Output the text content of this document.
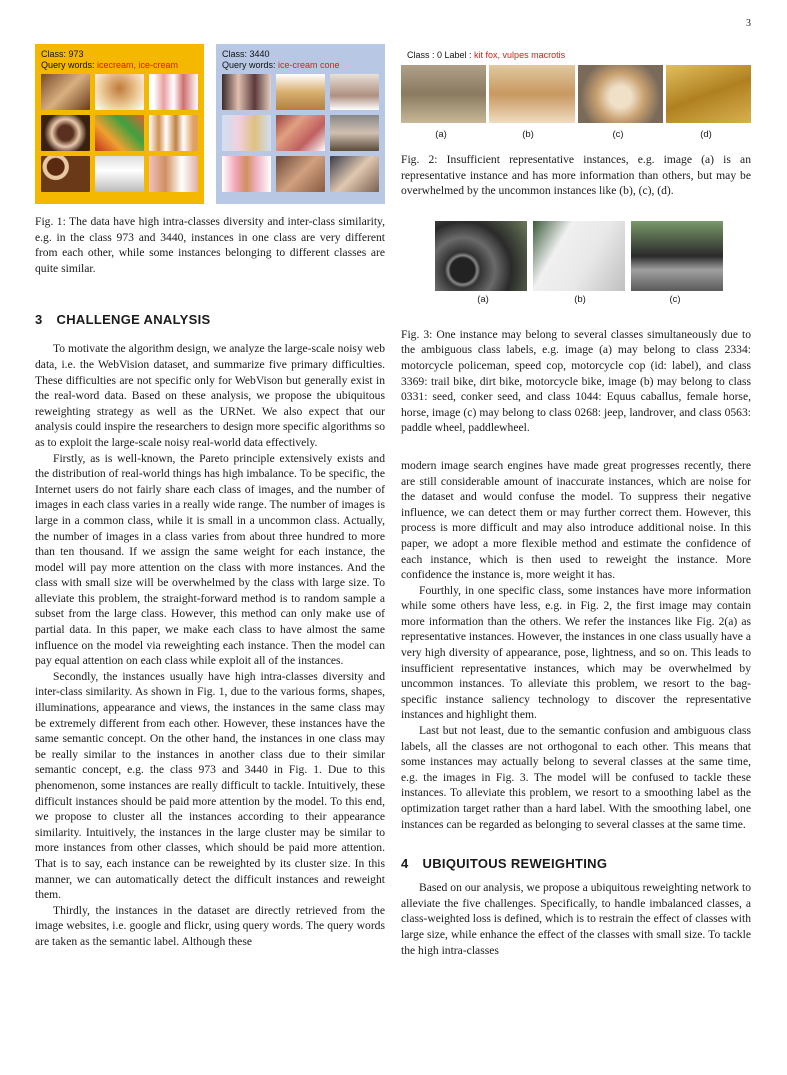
3
Class: 973
Query words: icecream, ice-cream
Class: 3440
Query words: ice-cream cone

Fig. 1: The data have high intra-classes diversity and inter-class similarity, e.g. in the class 973 and 3440, instances in one class are very different from each other, while some instances belonging to different classes are quite similar.

3 CHALLENGE ANALYSIS

To motivate the algorithm design, we analyze the large-scale noisy web data, i.e. the WebVision dataset, and summarize five primary difficulties. These difficulties are not specific only for WebVison but generally exist in the real-word data. Based on these analysis, we propose the ubiquitous reweighting strategy as well as the URNet. We also expect that our analysis could inspire the researchers to design more specific algorithms so as to exploit the large-scale noisy real-world data effectively.

Firstly, as is well-known, the Pareto principle extensively exists and the distribution of real-world things has high imbalance. To be specific, the Internet users do not fairly share each class of images, and the number of images in each class varies in a really wide range. The number of images is large in a common class, while it is small in a uncommon class. Actually, the number of images in a class varies from about three hundred to more than ten thousand. If we assign the same weight for each instance, the model will pay more attention on the class with more instances. And the class with small size will be overwhelmed by the class with large size. To alleviate this problem, the straight-forward method is to random sample a subset from the large class. However, this method can only make use of partial data. In this paper, we make each class to have almost the same influence on the model via reweighting each instance. Then the model can pay equal attention on each class while exploit all of the instances.

Secondly, the instances usually have high intra-classes diversity and inter-class similarity. As shown in Fig. 1, due to the various forms, shapes, illuminations, appearance and views, the instances in the same class may be extremely different from each other. However, these instances have the same semantic concept. On the other hand, the instances in one class may be really similar to the instances in another class due to their similar semantic concept, e.g. the class 973 and 3440 in Fig. 1. Due to this phenomenon, some instances are really difficult to tackle. Intuitively, these difficult instances should be paid more attention by the model. To this end, we propose to cluster all the instances according to their appearance similarity. Intuitively, the instances in the large cluster may be similar to more instances from other classes, which should be paid more attention. That is to say, each instance can be reweighted by its cluster size. In this manner, we can automatically detect the difficult instances and reweight them.

Thirdly, the instances in the dataset are directly retrieved from the image websites, i.e. google and flickr, using query words. The query words are taken as the semantic label. Although these

Class : 0 Label : kit fox, vulpes macrotis
(a)	(b)	(c)	(d)

Fig. 2: Insufficient representative instances, e.g. image (a) is an representative instance and has more information than others, but may be overwhelmed by the uncommon instances like (b), (c), (d).

(a)	(b)	(c)

Fig. 3: One instance may belong to several classes simultaneously due to the ambiguous class labels, e.g. image (a) may belong to class 2334: motorcycle policeman, speed cop, motorcycle cop (id: label), and class 3369: trail bike, dirt bike, motorcycle bike, image (b) may belong to class 0331: seed, conker seed, and class 1044: Equus caballus, female horse, horse, image (c) may belong to class 0268: jeep, landrover, and class 0563: paddle wheel, paddlewheel.

modern image search engines have made great progresses recently, there are still considerable amount of inaccurate instances, which are noise for the dataset and would confuse the model. To suppress their negative influence, we can detect them or may further correct them. However, this process is more difficult and may also introduce additional noise. In this paper, we adopt a more flexible method and estimate the confidence of each instance, which is then used to reweight the instance. More confidence the instance is, more weight it has.

Fourthly, in one specific class, some instances have more information while some others have less, e.g. in Fig. 2, the first image may contain more information than the others. We refer the instances like Fig. 2(a) as representative instances. However, the instances in one class usually have a very high diversity of appearance, pose, lightness, and so on. This leads to insufficient representative instances, which may be overwhelmed by uncommon instances. To alleviate this problem, we resort to the bag-specific instance saliency technology to discover the representative instances and highlight them.

Last but not least, due to the semantic confusion and ambiguous class labels, all the classes are not orthogonal to each other. This means that some instances may actually belong to several classes at the same time, e.g. the images in Fig. 3. The model will be confused to tackle these instances. To alleviate this problem, we resort to a smoothing label as the optimization target rather than a hard label. With the smoothing label, one instances can be regarded as belonging to several classes at the same time.

4 UBIQUITOUS REWEIGHTING

Based on our analysis, we propose a ubiquitous reweighting network to alleviate the five challenges. Specifically, to handle imbalanced classes, a class-weighted loss is defined, which is to restrain the effect of classes with large size, while enhance the effect of the classes with small size. To tackle the high intra-classes
